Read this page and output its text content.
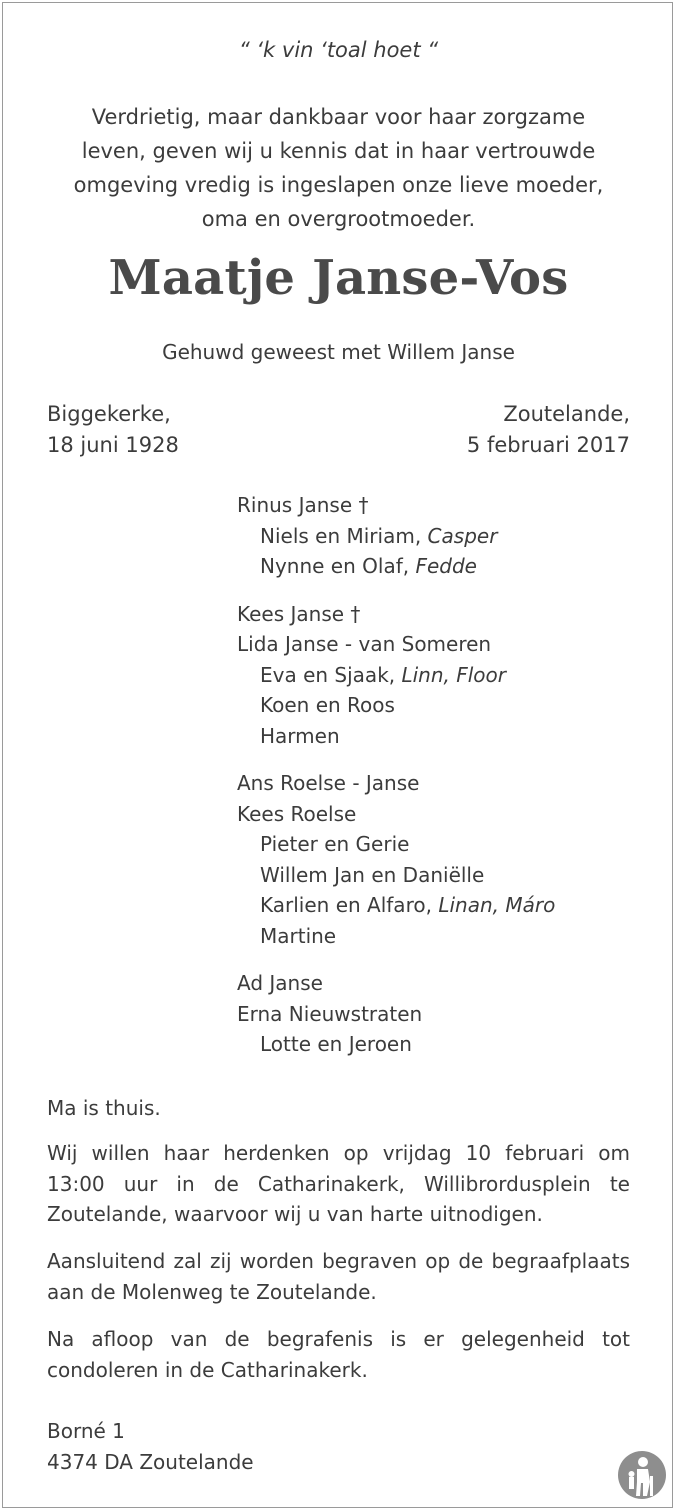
“ ‘k vin ‘toal hoet “
Verdrietig, maar dankbaar voor haar zorgzame
leven, geven wij u kennis dat in haar vertrouwde
omgeving vredig is ingeslapen onze lieve moeder,
oma en overgrootmoeder.
Maatje Janse-Vos
Gehuwd geweest met Willem Janse
Biggekerke,
18 juni 1928
Zoutelande,
5 februari 2017
Rinus Janse †
Niels en Miriam, Casper
Nynne en Olaf, Fedde
Kees Janse †
Lida Janse - van Someren
Eva en Sjaak, Linn, Floor
Koen en Roos
Harmen
Ans Roelse - Janse
Kees Roelse
Pieter en Gerie
Willem Jan en Daniëlle
Karlien en Alfaro, Linan, Máro
Martine
Ad Janse
Erna Nieuwstraten
Lotte en Jeroen
Ma is thuis.
Wij willen haar herdenken op vrijdag 10 februari om 13:00 uur in de Catharinakerk, Willibrordusplein te Zoutelande, waarvoor wij u van harte uitnodigen.
Aansluitend zal zij worden begraven op de begraafplaats aan de Molenweg te Zoutelande.
Na afloop van de begrafenis is er gelegenheid tot condoleren in de Catharinakerk.
Borné 1
4374 DA Zoutelande
